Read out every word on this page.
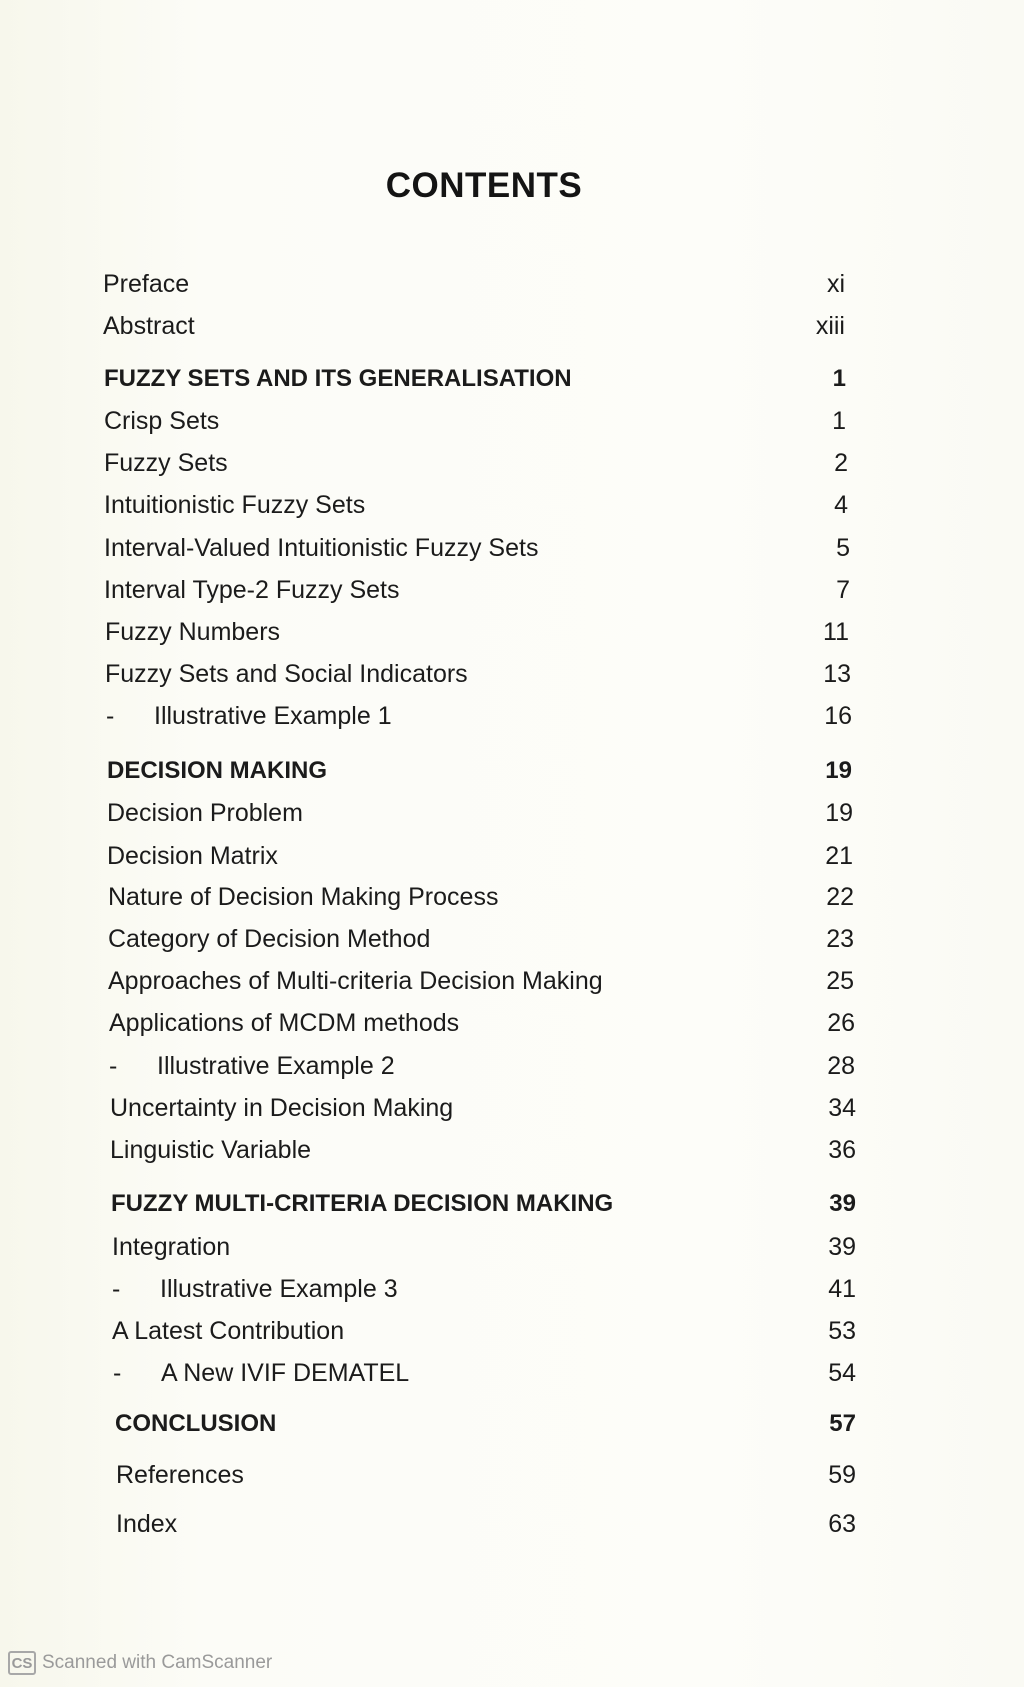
CONTENTS
Preface	xi
Abstract	xiii
FUZZY SETS AND ITS GENERALISATION	1
Crisp Sets	1
Fuzzy Sets	2
Intuitionistic Fuzzy Sets	4
Interval-Valued Intuitionistic Fuzzy Sets	5
Interval Type-2 Fuzzy Sets	7
Fuzzy Numbers	11
Fuzzy Sets and Social Indicators	13
- Illustrative Example 1	16
DECISION MAKING	19
Decision Problem	19
Decision Matrix	21
Nature of Decision Making Process	22
Category of Decision Method	23
Approaches of Multi-criteria Decision Making	25
Applications of MCDM methods	26
- Illustrative Example 2	28
Uncertainty in Decision Making	34
Linguistic Variable	36
FUZZY MULTI-CRITERIA DECISION MAKING	39
Integration	39
- Illustrative Example 3	41
A Latest Contribution	53
- A New IVIF DEMATEL	54
CONCLUSION	57
References	59
Index	63
CS Scanned with CamScanner
